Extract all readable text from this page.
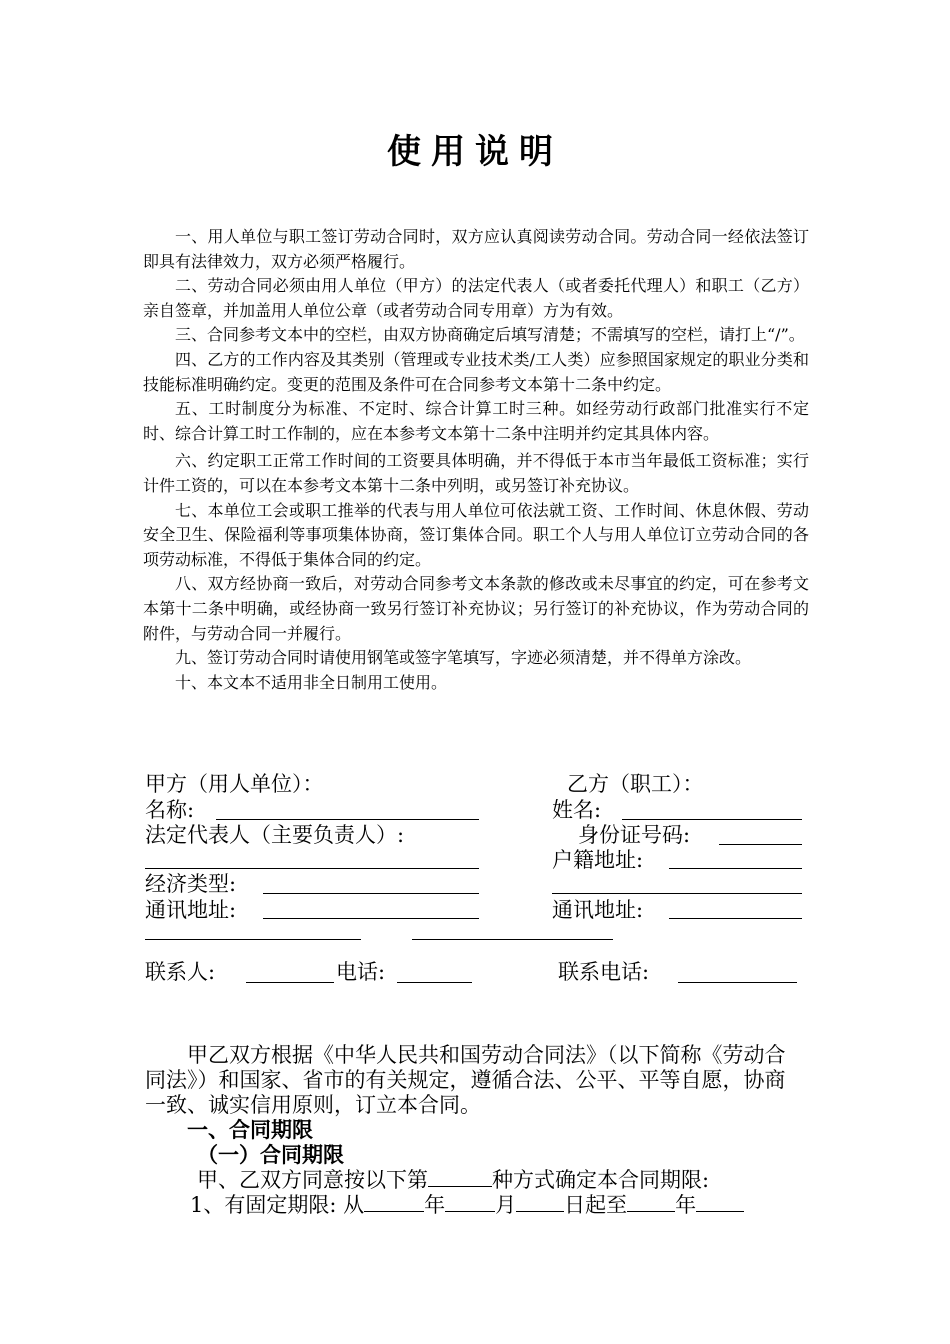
使用说明

一、用人单位与职工签订劳动合同时，双方应认真阅读劳动合同。劳动合同一经依法签订即具有法律效力，双方必须严格履行。

二、劳动合同必须由用人单位（甲方）的法定代表人（或者委托代理人）和职工（乙方）亲自签章，并加盖用人单位公章（或者劳动合同专用章）方为有效。

三、合同参考文本中的空栏，由双方协商确定后填写清楚；不需填写的空栏，请打上“/”。

四、乙方的工作内容及其类别（管理或专业技术类/工人类）应参照国家规定的职业分类和技能标准明确约定。变更的范围及条件可在合同参考文本第十二条中约定。

五、工时制度分为标准、不定时、综合计算工时三种。如经劳动行政部门批准实行不定时、综合计算工时工作制的，应在本参考文本第十二条中注明并约定其具体内容。

六、约定职工正常工作时间的工资要具体明确，并不得低于本市当年最低工资标准；实行计件工资的，可以在本参考文本第十二条中列明，或另签订补充协议。

七、本单位工会或职工推举的代表与用人单位可依法就工资、工作时间、休息休假、劳动安全卫生、保险福利等事项集体协商，签订集体合同。职工个人与用人单位订立劳动合同的各项劳动标准，不得低于集体合同的约定。

八、双方经协商一致后，对劳动合同参考文本条款的修改或未尽事宜的约定，可在参考文本第十二条中明确，或经协商一致另行签订补充协议；另行签订的补充协议，作为劳动合同的附件，与劳动合同一并履行。

九、签订劳动合同时请使用钢笔或签字笔填写，字迹必须清楚，并不得单方涂改。

十、本文本不适用非全日制用工使用。

甲方（用人单位）：
名称:
法定代表人（主要负责人）:
经济类型:
通讯地址:
乙方（职工）：
姓名:
身份证号码:
户籍地址:
通讯地址:
联系人:	电话:	联系电话:

甲乙双方根据《中华人民共和国劳动合同法》（以下简称《劳动合同法》）和国家、省市的有关规定，遵循合法、公平、平等自愿，协商一致、诚实信用原则，订立本合同。

一、合同期限

（一）合同期限

甲、乙双方同意按以下第	种方式确定本合同期限:

1、有固定期限: 从	年 月 日起至 年
